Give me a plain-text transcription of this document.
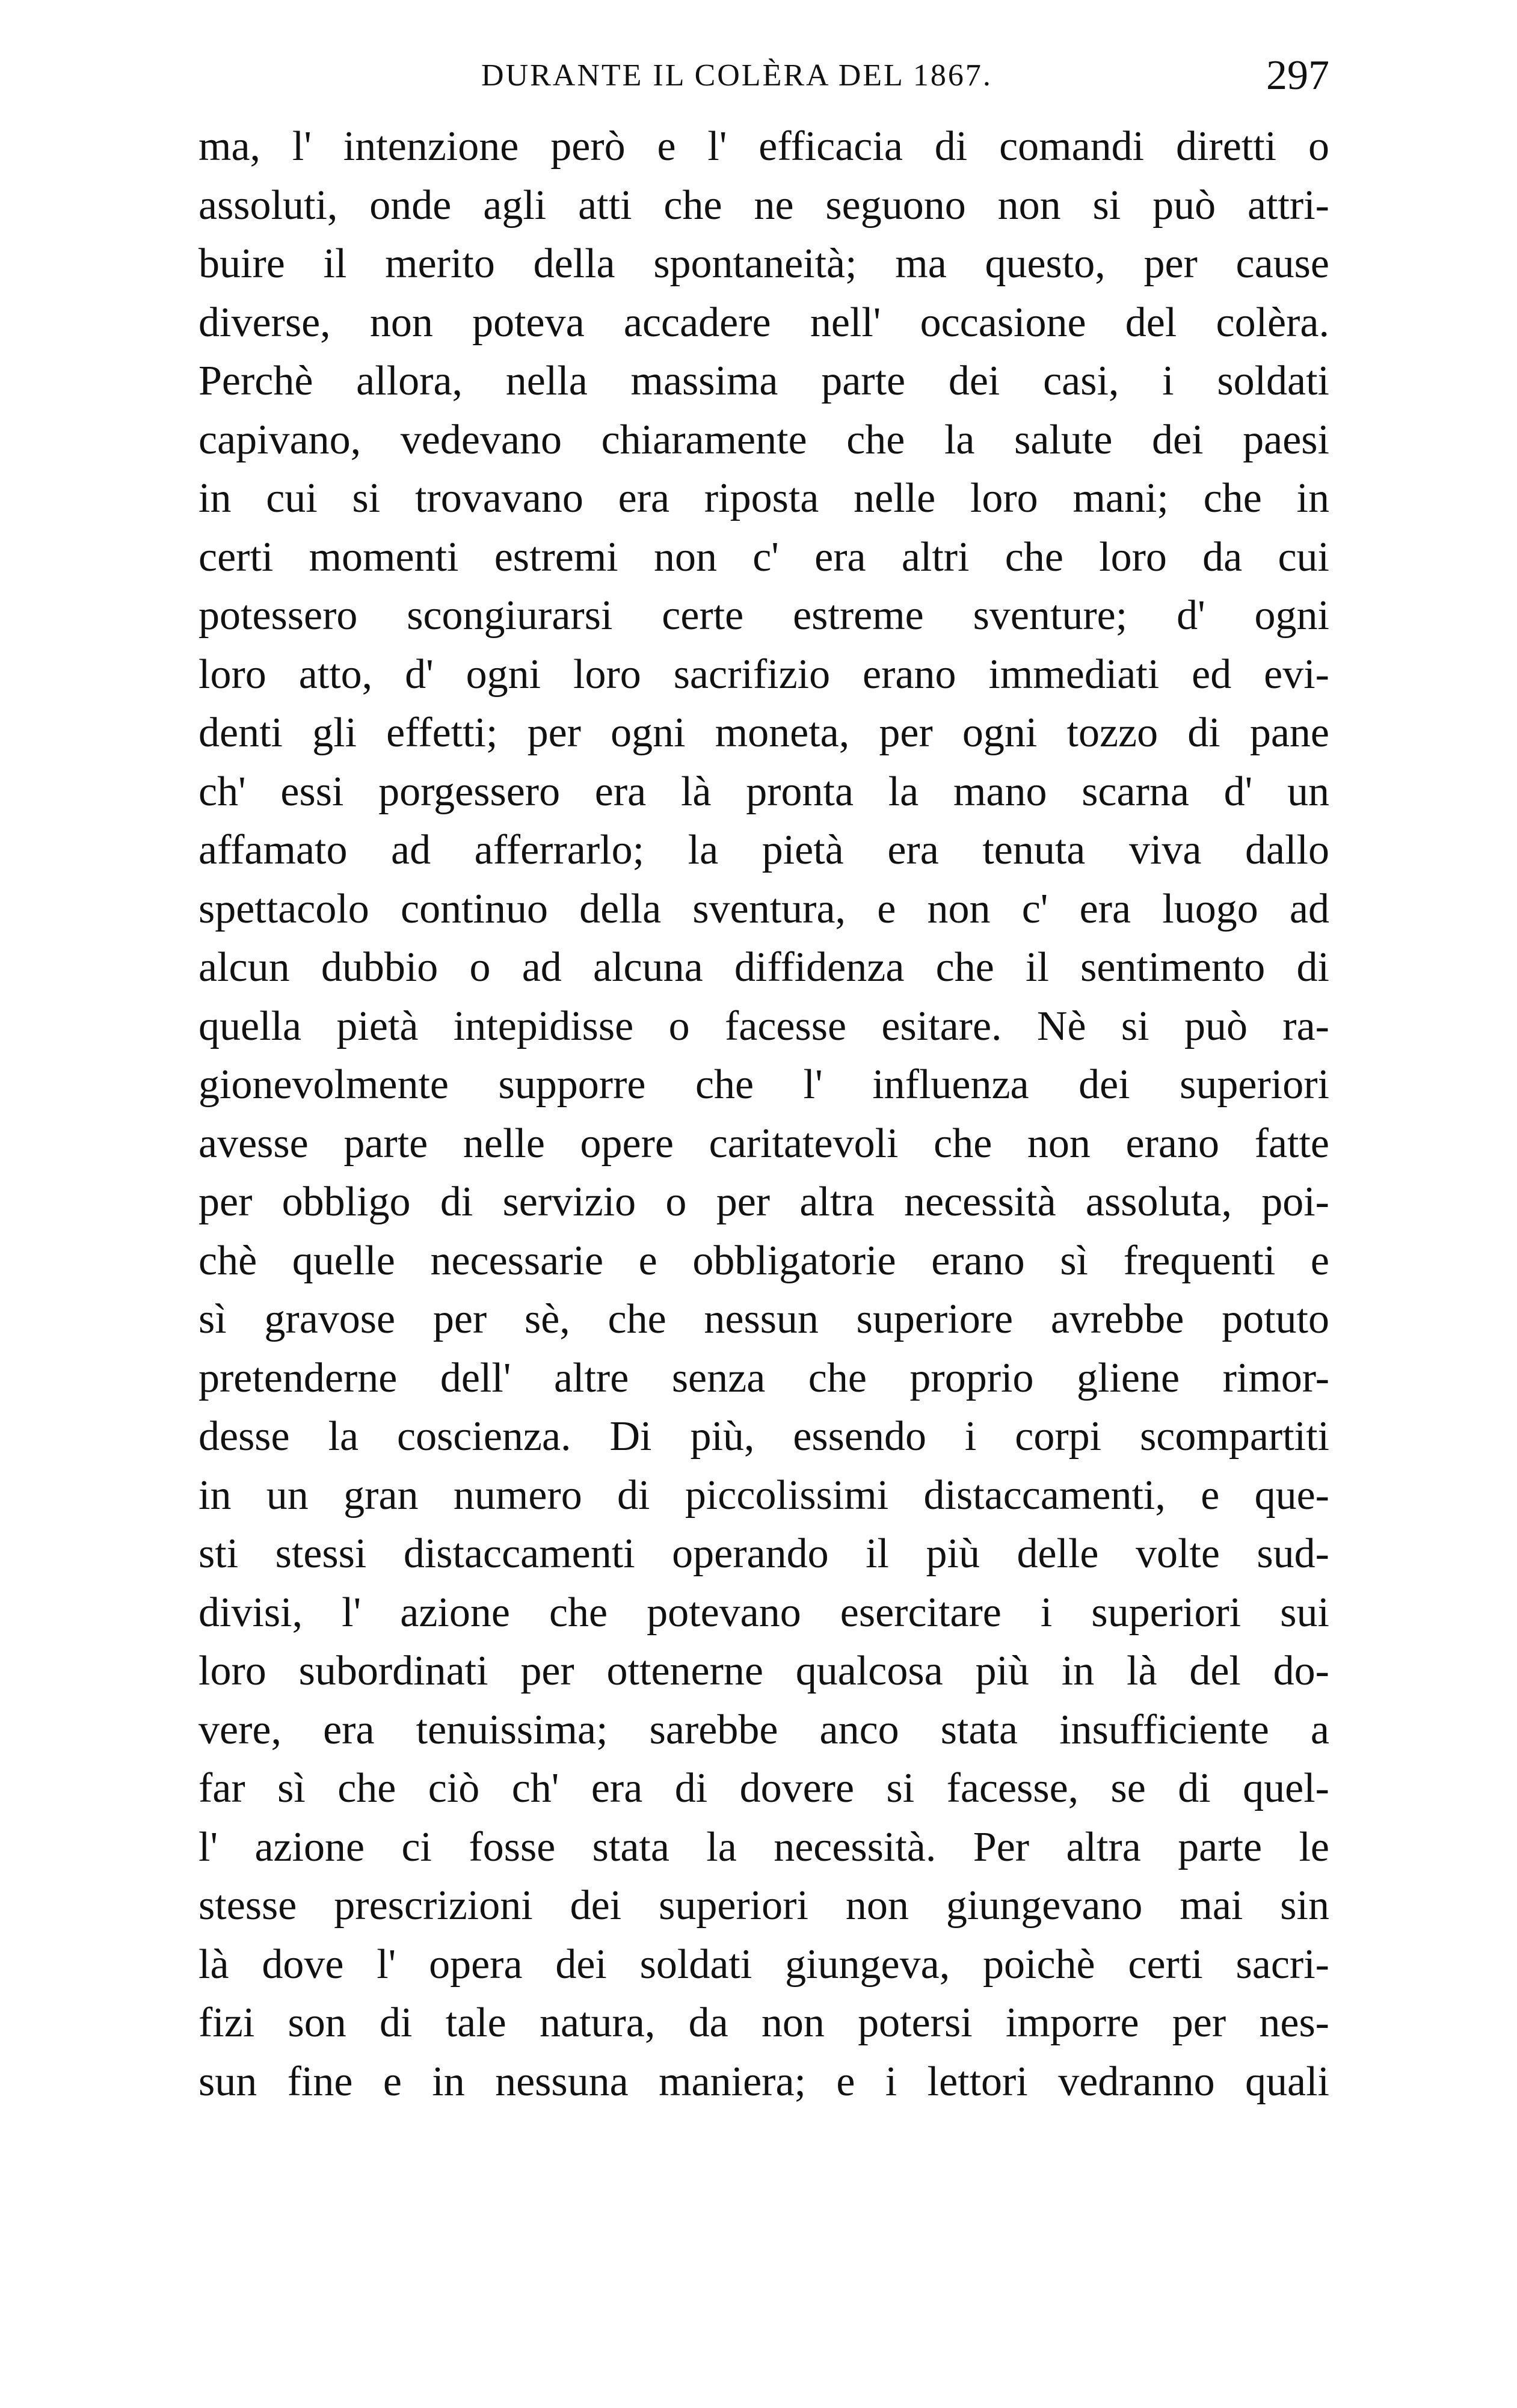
DURANTE IL COLÈRA DEL 1867.	297
ma, l' intenzione però e l' efficacia di comandi diretti o
assoluti, onde agli atti che ne seguono non si può attri-
buire il merito della spontaneità; ma questo, per cause
diverse, non poteva accadere nell' occasione del colèra.
Perchè allora, nella massima parte dei casi, i soldati
capivano, vedevano chiaramente che la salute dei paesi
in cui si trovavano era riposta nelle loro mani; che in
certi momenti estremi non c' era altri che loro da cui
potessero scongiurarsi certe estreme sventure; d' ogni
loro atto, d' ogni loro sacrifizio erano immediati ed evi-
denti gli effetti; per ogni moneta, per ogni tozzo di pane
ch' essi porgessero era là pronta la mano scarna d' un
affamato ad afferrarlo; la pietà era tenuta viva dallo
spettacolo continuo della sventura, e non c' era luogo ad
alcun dubbio o ad alcuna diffidenza che il sentimento di
quella pietà intepidisse o facesse esitare. Nè si può ra-
gionevolmente supporre che l' influenza dei superiori
avesse parte nelle opere caritatevoli che non erano fatte
per obbligo di servizio o per altra necessità assoluta, poi-
chè quelle necessarie e obbligatorie erano sì frequenti e
sì gravose per sè, che nessun superiore avrebbe potuto
pretenderne dell' altre senza che proprio gliene rimor-
desse la coscienza. Di più, essendo i corpi scompartiti
in un gran numero di piccolissimi distaccamenti, e que-
sti stessi distaccamenti operando il più delle volte sud-
divisi, l' azione che potevano esercitare i superiori sui
loro subordinati per ottenerne qualcosa più in là del do-
vere, era tenuissima; sarebbe anco stata insufficiente a
far sì che ciò ch' era di dovere si facesse, se di quel-
l' azione ci fosse stata la necessità. Per altra parte le
stesse prescrizioni dei superiori non giungevano mai sin
là dove l' opera dei soldati giungeva, poichè certi sacri-
fizi son di tale natura, da non potersi imporre per nes-
sun fine e in nessuna maniera; e i lettori vedranno quali
